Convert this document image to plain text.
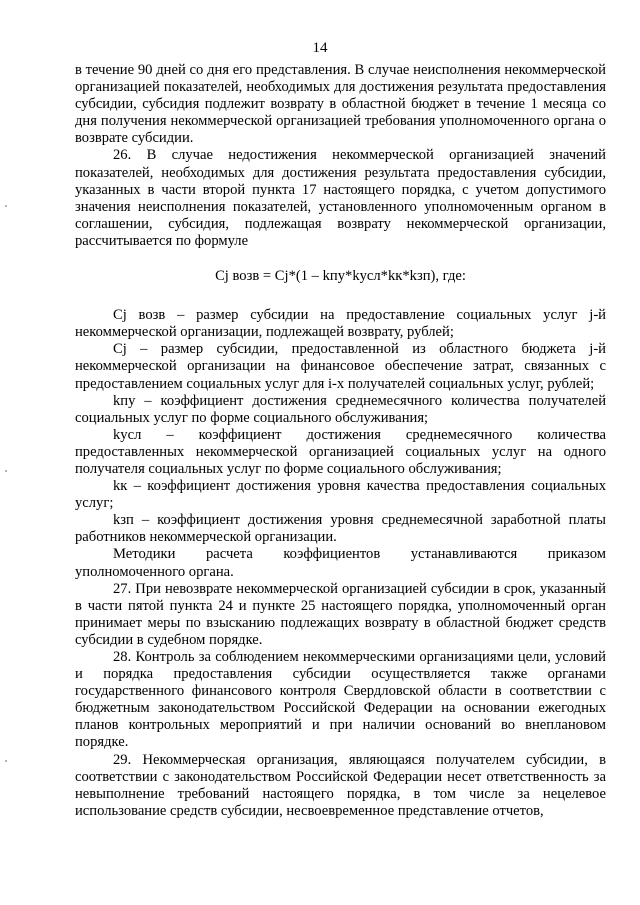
14

в течение 90 дней со дня его представления. В случае неисполнения некоммерческой организацией показателей, необходимых для достижения результата предоставления субсидии, субсидия подлежит возврату в областной бюджет в течение 1 месяца со дня получения некоммерческой организацией требования уполномоченного органа о возврате субсидии.

26. В случае недостижения некоммерческой организацией значений показателей, необходимых для достижения результата предоставления субсидии, указанных в части второй пункта 17 настоящего порядка, с учетом допустимого значения неисполнения показателей, установленного уполномоченным органом в соглашении, субсидия, подлежащая возврату некоммерческой организации, рассчитывается по формуле

Cj возв = Cj*(1 – kпу*kусл*kк*kзп), где:

Cj возв – размер субсидии на предоставление социальных услуг j-й некоммерческой организации, подлежащей возврату, рублей;

Cj – размер субсидии, предоставленной из областного бюджета j-й некоммерческой организации на финансовое обеспечение затрат, связанных с предоставлением социальных услуг для i-х получателей социальных услуг, рублей;

kпу – коэффициент достижения среднемесячного количества получателей социальных услуг по форме социального обслуживания;

kусл – коэффициент достижения среднемесячного количества предоставленных некоммерческой организацией социальных услуг на одного получателя социальных услуг по форме социального обслуживания;

kк – коэффициент достижения уровня качества предоставления социальных услуг;

kзп – коэффициент достижения уровня среднемесячной заработной платы работников некоммерческой организации.

Методики расчета коэффициентов устанавливаются приказом уполномоченного органа.

27. При невозврате некоммерческой организацией субсидии в срок, указанный в части пятой пункта 24 и пункте 25 настоящего порядка, уполномоченный орган принимает меры по взысканию подлежащих возврату в областной бюджет средств субсидии в судебном порядке.

28. Контроль за соблюдением некоммерческими организациями цели, условий и порядка предоставления субсидии осуществляется также органами государственного финансового контроля Свердловской области в соответствии с бюджетным законодательством Российской Федерации на основании ежегодных планов контрольных мероприятий и при наличии оснований во внеплановом порядке.

29. Некоммерческая организация, являющаяся получателем субсидии, в соответствии с законодательством Российской Федерации несет ответственность за невыполнение требований настоящего порядка, в том числе за нецелевое использование средств субсидии, несвоевременное представление отчетов,
